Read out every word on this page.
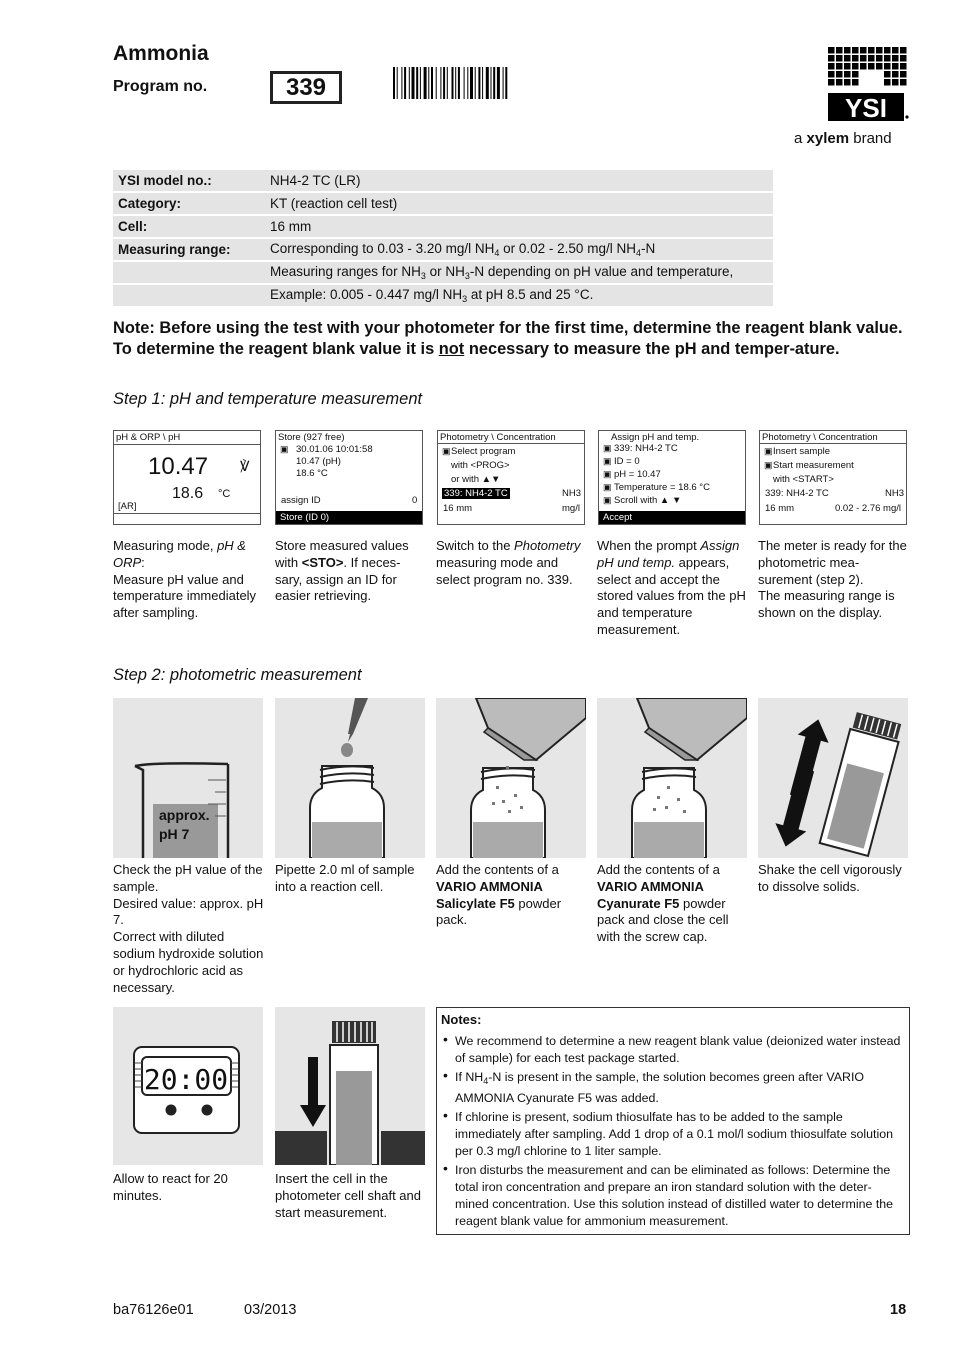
Ammonia
Program no.	339
YSI
a xylem brand
YSI model no.:	NH4-2 TC (LR)
Category:	KT (reaction cell test)
Cell:	16 mm
Measuring range:	Corresponding to 0.03 - 3.20 mg/l $NH_4$ or 0.02 - 2.50 mg/l $NH_4-N$
Measuring ranges for $NH_3$ or $NH_3-N$ depending on pH value and temperature,
Example: 0.005 - 0.447 mg/l $NH_3$ at pH 8.5 and 25 °C.
Note: Before using the test with your photometer for the first time, determine the reagent blank value. To determine the reagent blank value it is not necessary to measure the pH and temper-ature.
Step 1: pH and temperature measurement
pH & ORP \ pH
10.47 ℣
18.6 °C
[AR]
Store (927 free)
30.01.06 10:01:58
10.47 (pH)
18.6 °C
▣
assign ID	0
Store (ID 0)
Photometry \ Concentration
▣ Select program
with <PROG>
or with ▲▼
339: NH4-2 TC	NH3
16 mm	mg/l
Assign pH and temp.
▣ 339: NH4-2 TC
▣ ID = 0
▣ pH = 10.47
▣ Temperature = 18.6 °C
▣ Scroll with ▲ ▼
Accept
Photometry \ Concentration
▣ Insert sample
▣ Start measurement
with <START>
339: NH4-2 TC	NH3
16 mm	0.02 - 2.76 mg/l
Measuring mode, pH & ORP:
Measure pH value and temperature immediately after sampling.
Store measured values with <STO>. If neces-sary, assign an ID for easier retrieving.
Switch to the Photometry measuring mode and select program no. 339.
When the prompt Assign pH und temp. appears, select and accept the stored values from the pH and temperature measurement.
The meter is ready for the photometric mea-surement (step 2).
The measuring range is shown on the display.
Step 2: photometric measurement
approx. pH 7
Check the pH value of the sample.
Desired value: approx. pH 7.
Correct with diluted sodium hydroxide solution or hydrochloric acid as necessary.
Pipette 2.0 ml of sample into a reaction cell.
Add the contents of a VARIO AMMONIA Salicylate F5 powder pack.
Add the contents of a VARIO AMMONIA Cyanurate F5 powder pack and close the cell with the screw cap.
Shake the cell vigorously to dissolve solids.
20:00
Allow to react for 20 minutes.
Insert the cell in the photometer cell shaft and start measurement.
Notes:
• We recommend to determine a new reagent blank value (deionized water instead of sample) for each test package started.
• If $NH_4-N$ is present in the sample, the solution becomes green after VARIO AMMONIA Cyanurate F5 was added.
• If chlorine is present, sodium thiosulfate has to be added to the sample immediately after sampling. Add 1 drop of a 0.1 mol/l sodium thiosulfate solution per 0.3 mg/l chlorine to 1 liter sample.
• Iron disturbs the measurement and can be eliminated as follows: Determine the total iron concentration and prepare an iron standard solution with the deter-mined concentration. Use this solution instead of distilled water to determine the reagent blank value for ammonium measurement.
ba76126e01	03/2013	18
